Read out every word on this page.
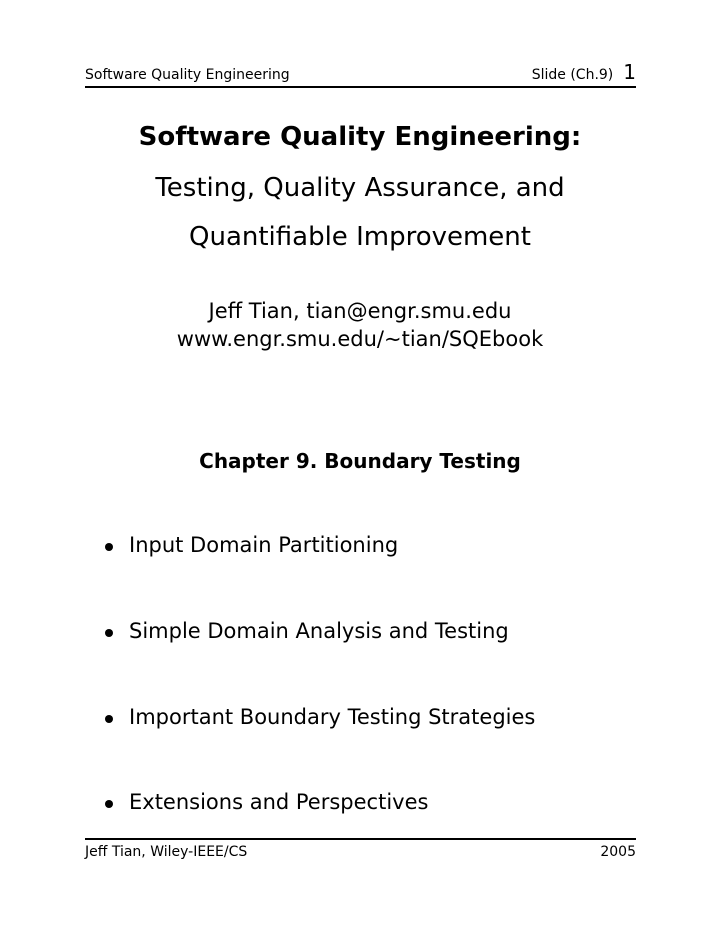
Software Quality Engineering	Slide (Ch.9) 1
Software Quality Engineering:
Testing, Quality Assurance, and
Quantifiable Improvement
Jeff Tian, tian@engr.smu.edu
www.engr.smu.edu/∼tian/SQEbook
Chapter 9. Boundary Testing
Input Domain Partitioning
Simple Domain Analysis and Testing
Important Boundary Testing Strategies
Extensions and Perspectives
Jeff Tian, Wiley-IEEE/CS	2005
